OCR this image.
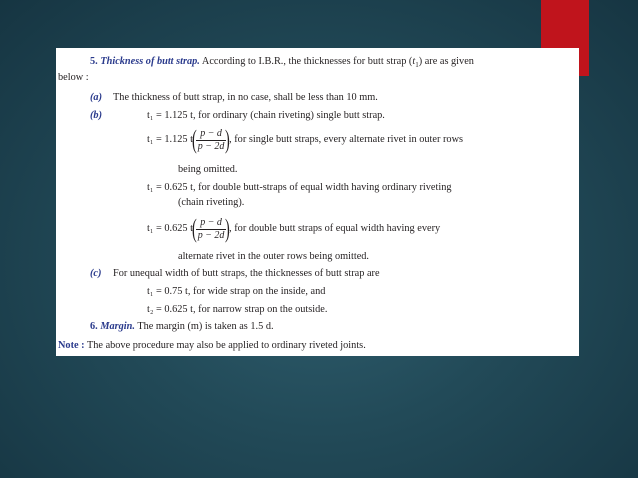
5. Thickness of butt strap. According to I.B.R., the thicknesses for butt strap $(t_1)$ are as given
below :
(a) The thickness of butt strap, in no case, shall be less than 10 mm.
(b)	t₁ = 1.125 t, for ordinary (chain riveting) single butt strap.
t₁ = 1.125 t
(
$\frac{p - d}{p - 2d}$
)
, for single butt straps, every alternate rivet in outer rows
being omitted.
t₁ = 0.625 t, for double butt-straps of equal width having ordinary riveting
(chain riveting).
t₁ = 0.625 t
(
$\frac{p - d}{p - 2d}$
)
, for double butt straps of equal width having every
alternate rivet in the outer rows being omitted.
(c) For unequal width of butt straps, the thicknesses of butt strap are
t₁ = 0.75 t, for wide strap on the inside, and
t₂ = 0.625 t, for narrow strap on the outside.
6. Margin. The margin (m) is taken as 1.5 d.
Note : The above procedure may also be applied to ordinary riveted joints.
